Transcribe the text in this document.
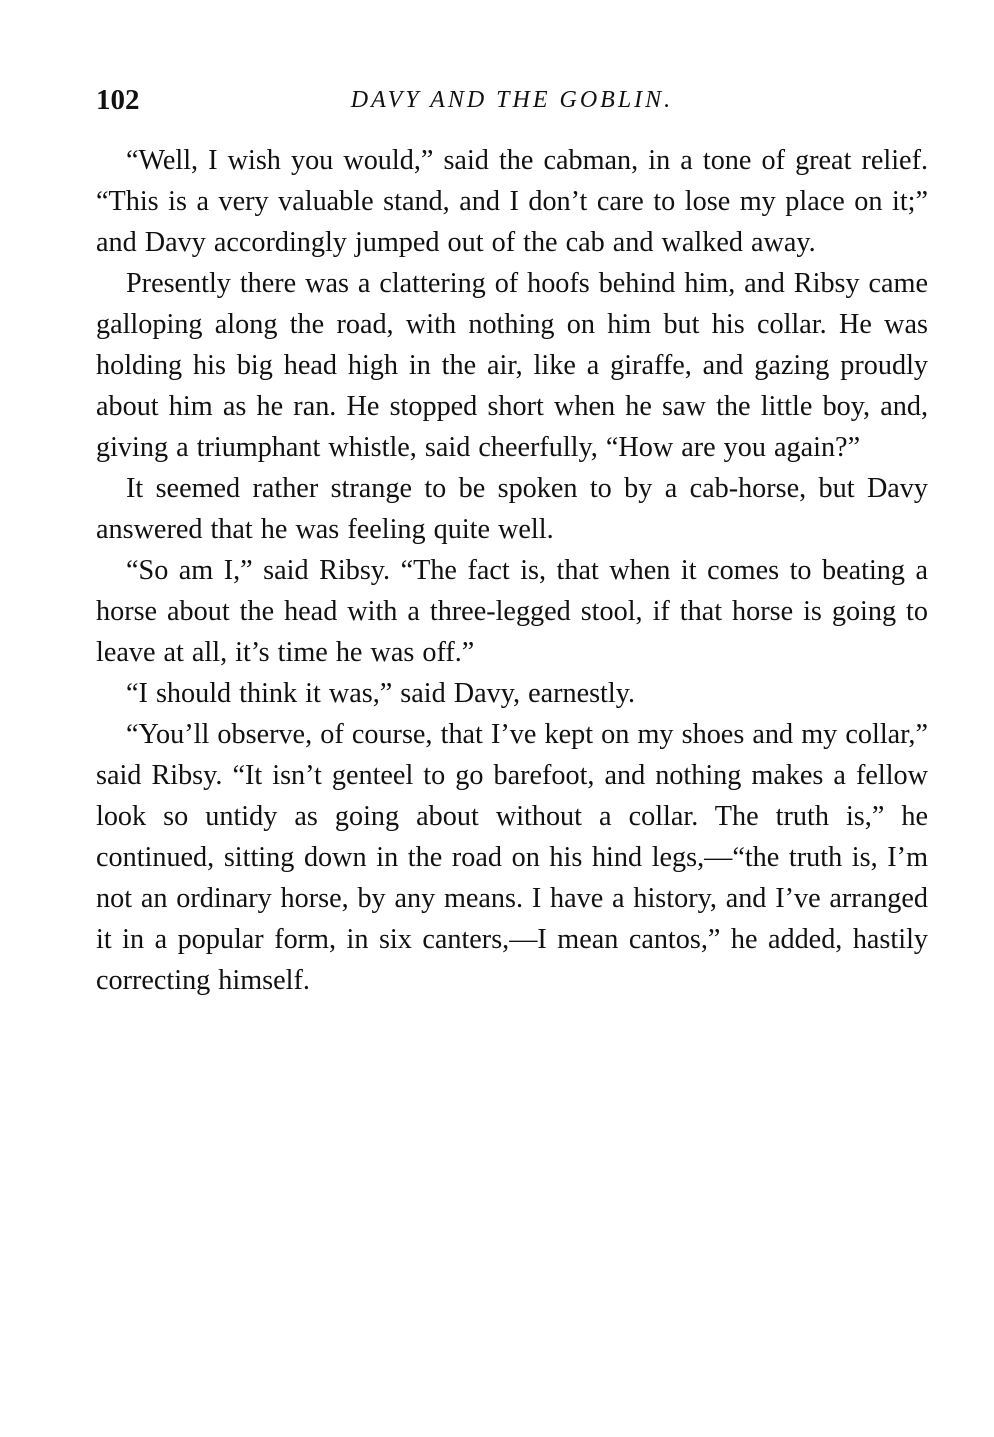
102	DAVY AND THE GOBLIN.

“Well, I wish you would,” said the cabman, in a tone of great relief. “This is a very valuable stand, and I don’t care to lose my place on it;” and Davy accordingly jumped out of the cab and walked away.

Presently there was a clattering of hoofs behind him, and Ribsy came galloping along the road, with nothing on him but his collar. He was holding his big head high in the air, like a giraffe, and gazing proudly about him as he ran. He stopped short when he saw the little boy, and, giving a triumphant whistle, said cheerfully, “How are you again?”

It seemed rather strange to be spoken to by a cab-horse, but Davy answered that he was feeling quite well.

“So am I,” said Ribsy. “The fact is, that when it comes to beating a horse about the head with a three-legged stool, if that horse is going to leave at all, it’s time he was off.”

“I should think it was,” said Davy, earnestly.

“You’ll observe, of course, that I’ve kept on my shoes and my collar,” said Ribsy. “It isn’t genteel to go barefoot, and nothing makes a fellow look so untidy as going about without a collar. The truth is,” he continued, sitting down in the road on his hind legs,—“the truth is, I’m not an ordinary horse, by any means. I have a history, and I’ve arranged it in a popular form, in six canters,—I mean cantos,” he added, hastily correcting himself.
